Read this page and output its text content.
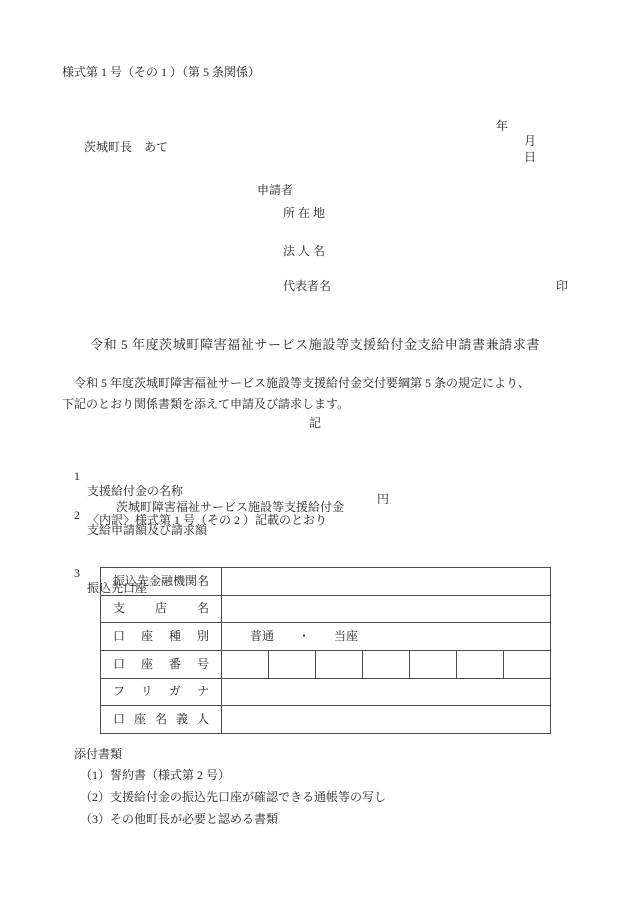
様式第 1 号（その 1 ）（第 5 条関係）

年
月
日

茨城町長　あて
申請者
所 在 地
法 人 名
代表者名	印
令和 5 年度茨城町障害福祉サービス施設等支援給付金支給申請書兼請求書
　令和 5 年度茨城町障害福祉サービス施設等支援給付金交付要綱第 5 条の規定により、
下記のとおり関係書類を添えて申請及び請求します。
記

1
支援給付金の名称
茨城町障害福祉サービス施設等支援給付金

2
支給申請額及び請求額

円
〈内訳〉様式第 1 号（その 2 ）記載のとおり

3
振込先口座

振込先金融機関名							
支店名							
口座種別	普通　　・　　当座						
口座番号							
フリガナ							
口座名義人							
添付書類
（1）誓約書（様式第 2 号）
（2）支援給付金の振込先口座が確認できる通帳等の写し
（3）その他町長が必要と認める書類
